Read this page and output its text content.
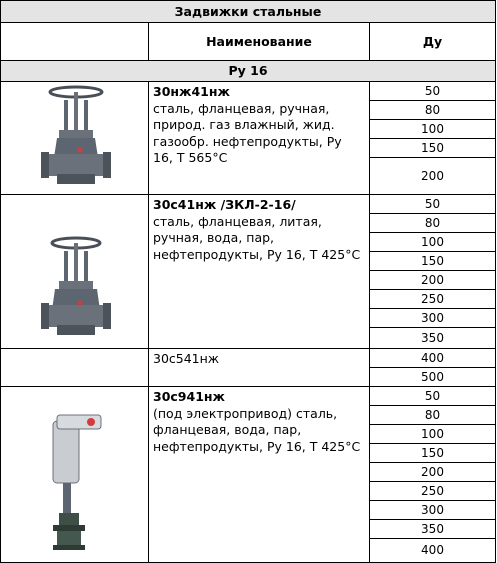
Задвижки стальные
Наименование	Ду
Ру 16
30нж41нж
сталь, фланцевая, ручная, природ. газ влажный, жид. газообр. нефтепродукты, Ру 16, Т 565°C
50
80
100
150
200
30с41нж /ЗКЛ-2-16/
сталь, фланцевая, литая, ручная, вода, пар, нефтепродукты, Ру 16, Т 425°C
50
80
100
150
200
250
300
350
30с541нж	400
500
30с941нж
(под электропривод) сталь, фланцевая, вода, пар, нефтепродукты, Ру 16, Т 425°C
50
80
100
150
200
250
300
350
400
